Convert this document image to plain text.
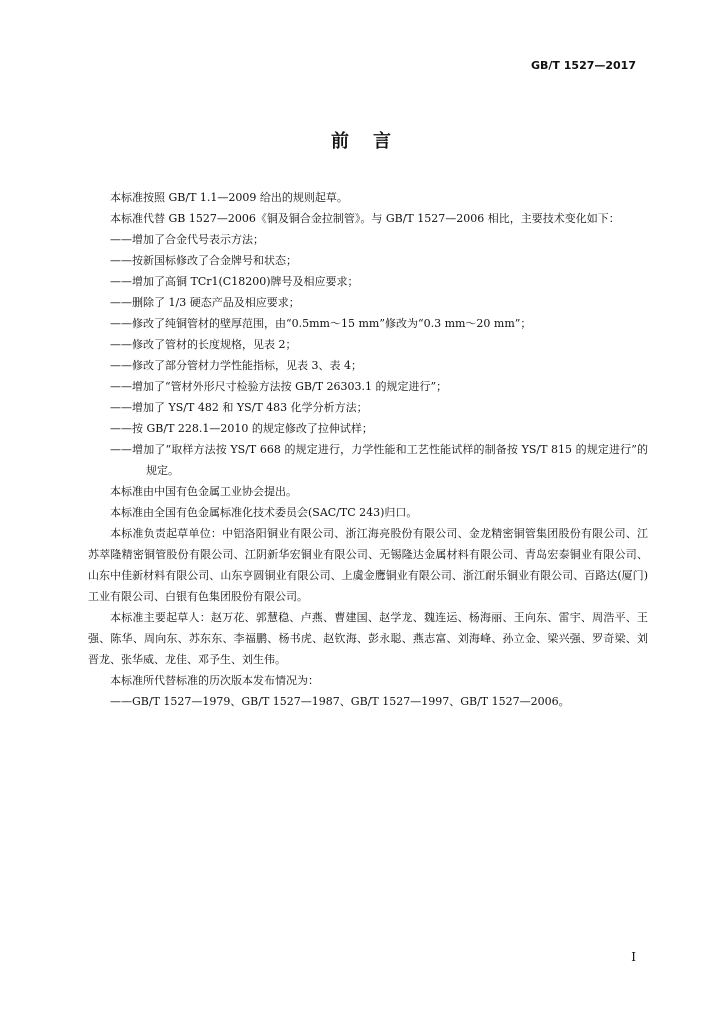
GB/T 1527—2017
前言

本标准按照 GB/T 1.1—2009 给出的规则起草。

本标准代替 GB 1527—2006《铜及铜合金拉制管》。与 GB/T 1527—2006 相比，主要技术变化如下：

——增加了合金代号表示方法；

——按新国标修改了合金牌号和状态；

——增加了高铜 TCr1(C18200)牌号及相应要求；

——删除了 1/3 硬态产品及相应要求；

——修改了纯铜管材的壁厚范围，由“0.5mm～15 mm”修改为“0.3 mm～20 mm”；

——修改了管材的长度规格，见表 2；

——修改了部分管材力学性能指标，见表 3、表 4；

——增加了“管材外形尺寸检验方法按 GB/T 26303.1 的规定进行”；

——增加了 YS/T 482 和 YS/T 483 化学分析方法；

——按 GB/T 228.1—2010 的规定修改了拉伸试样；

——增加了“取样方法按 YS/T 668 的规定进行，力学性能和工艺性能试样的制备按 YS/T 815 的规定进行”的规定。

本标准由中国有色金属工业协会提出。

本标准由全国有色金属标准化技术委员会(SAC/TC 243)归口。

本标准负责起草单位：中铝洛阳铜业有限公司、浙江海亮股份有限公司、金龙精密铜管集团股份有限公司、江苏萃隆精密铜管股份有限公司、江阴新华宏铜业有限公司、无锡隆达金属材料有限公司、青岛宏泰铜业有限公司、山东中佳新材料有限公司、山东亨圆铜业有限公司、上虞金鹰铜业有限公司、浙江耐乐铜业有限公司、百路达(厦门)工业有限公司、白银有色集团股份有限公司。

本标准主要起草人：赵万花、郭慧稳、卢燕、曹建国、赵学龙、魏连运、杨海丽、王向东、雷宇、周浩平、王强、陈华、周向东、苏东东、李福鹏、杨书虎、赵钦海、彭永聪、燕志富、刘海峰、孙立金、梁兴强、罗奇梁、刘晋龙、张华威、龙佳、邓予生、刘生伟。

本标准所代替标准的历次版本发布情况为：

——GB/T 1527—1979、GB/T 1527—1987、GB/T 1527—1997、GB/T 1527—2006。

I
